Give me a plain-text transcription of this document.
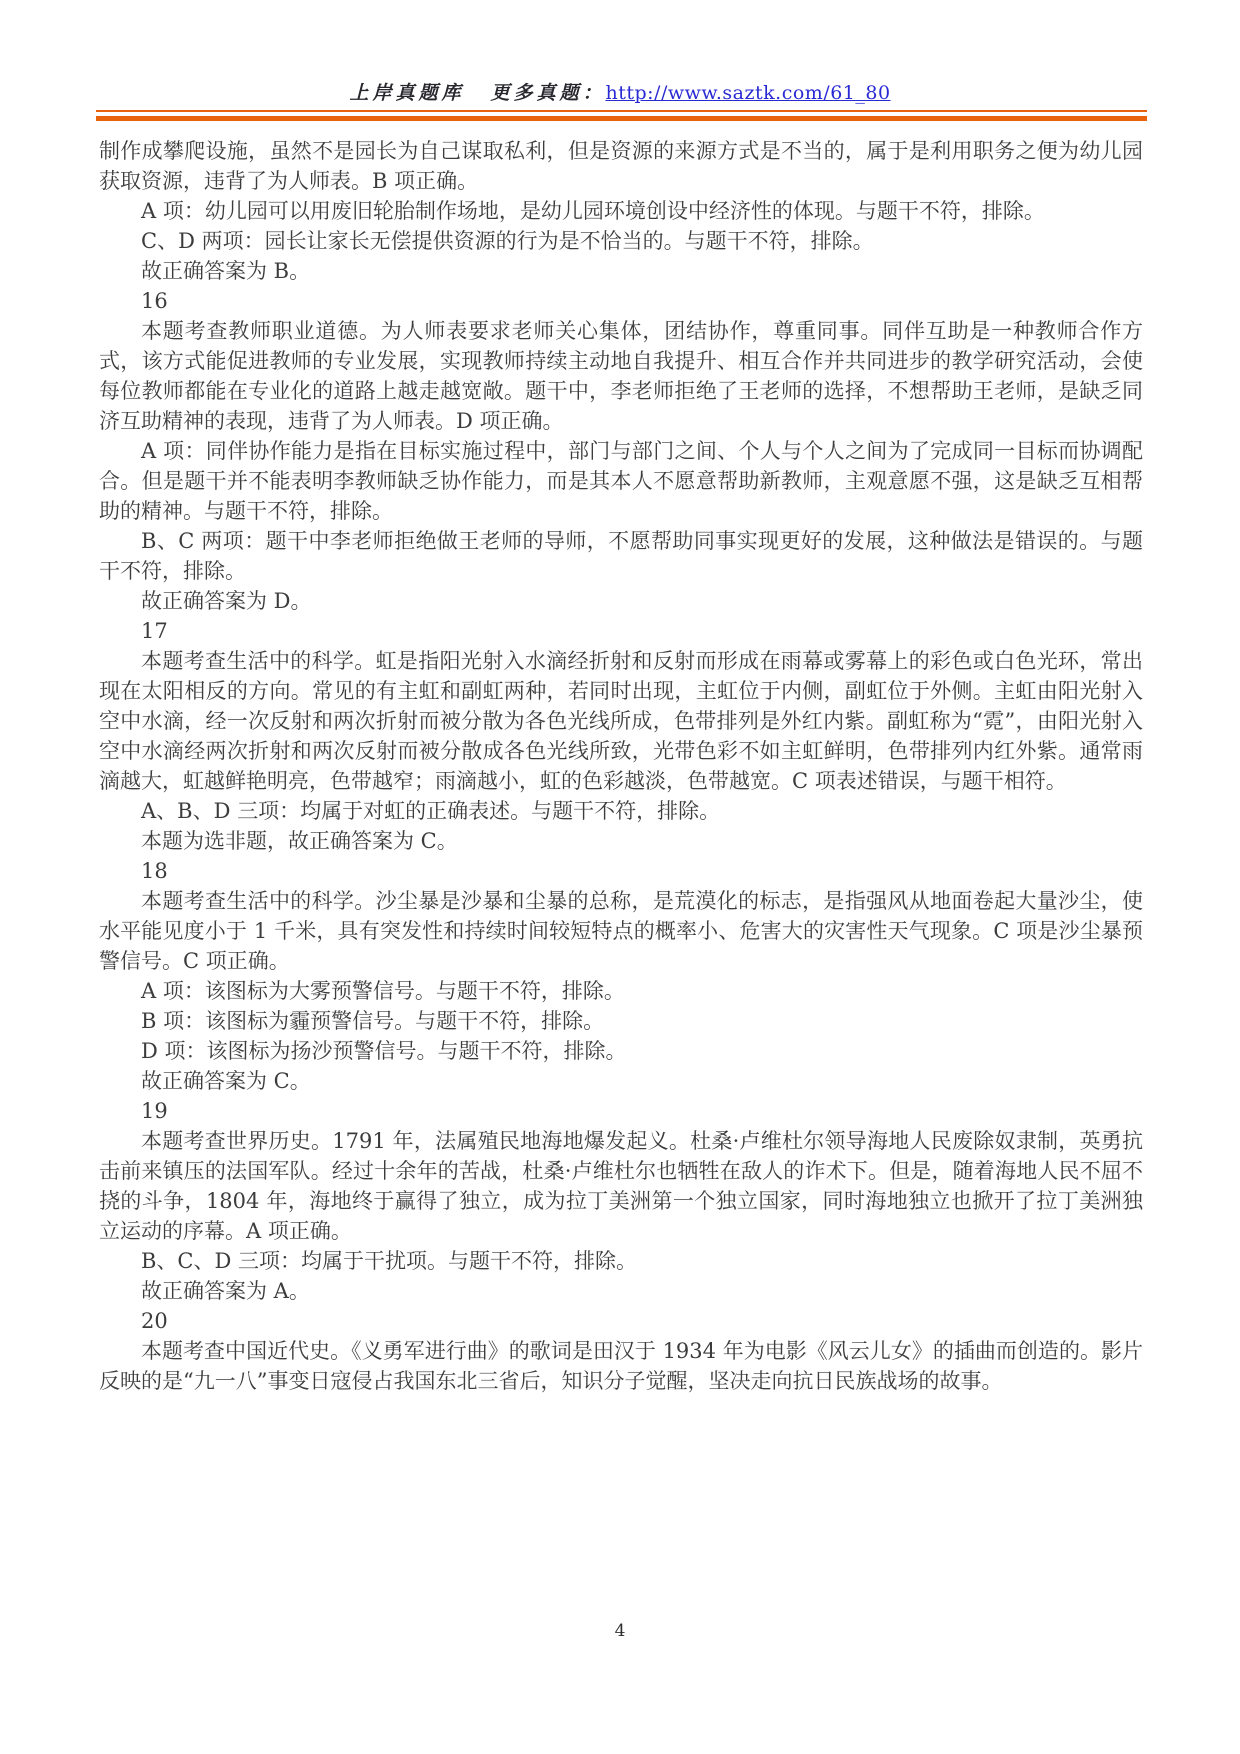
上岸真题库 更多真题：http://www.saztk.com/61_80

制作成攀爬设施，虽然不是园长为自己谋取私利，但是资源的来源方式是不当的，属于是利用职务之便为幼儿园获取资源，违背了为人师表。B 项正确。

A 项：幼儿园可以用废旧轮胎制作场地，是幼儿园环境创设中经济性的体现。与题干不符，排除。

C、D 两项：园长让家长无偿提供资源的行为是不恰当的。与题干不符，排除。

故正确答案为 B。

16

本题考查教师职业道德。为人师表要求老师关心集体，团结协作，尊重同事。同伴互助是一种教师合作方式，该方式能促进教师的专业发展，实现教师持续主动地自我提升、相互合作并共同进步的教学研究活动，会使每位教师都能在专业化的道路上越走越宽敞。题干中，李老师拒绝了王老师的选择，不想帮助王老师，是缺乏同济互助精神的表现，违背了为人师表。D 项正确。

A 项：同伴协作能力是指在目标实施过程中，部门与部门之间、个人与个人之间为了完成同一目标而协调配合。但是题干并不能表明李教师缺乏协作能力，而是其本人不愿意帮助新教师，主观意愿不强，这是缺乏互相帮助的精神。与题干不符，排除。

B、C 两项：题干中李老师拒绝做王老师的导师，不愿帮助同事实现更好的发展，这种做法是错误的。与题干不符，排除。

故正确答案为 D。

17

本题考查生活中的科学。虹是指阳光射入水滴经折射和反射而形成在雨幕或雾幕上的彩色或白色光环，常出现在太阳相反的方向。常见的有主虹和副虹两种，若同时出现，主虹位于内侧，副虹位于外侧。主虹由阳光射入空中水滴，经一次反射和两次折射而被分散为各色光线所成，色带排列是外红内紫。副虹称为“霓”，由阳光射入空中水滴经两次折射和两次反射而被分散成各色光线所致，光带色彩不如主虹鲜明，色带排列内红外紫。通常雨滴越大，虹越鲜艳明亮，色带越窄；雨滴越小，虹的色彩越淡，色带越宽。C 项表述错误，与题干相符。

A、B、D 三项：均属于对虹的正确表述。与题干不符，排除。

本题为选非题，故正确答案为 C。

18

本题考查生活中的科学。沙尘暴是沙暴和尘暴的总称，是荒漠化的标志，是指强风从地面卷起大量沙尘，使水平能见度小于 1 千米，具有突发性和持续时间较短特点的概率小、危害大的灾害性天气现象。C 项是沙尘暴预警信号。C 项正确。

A 项：该图标为大雾预警信号。与题干不符，排除。

B 项：该图标为霾预警信号。与题干不符，排除。

D 项：该图标为扬沙预警信号。与题干不符，排除。

故正确答案为 C。

19

本题考查世界历史。1791 年，法属殖民地海地爆发起义。杜桑·卢维杜尔领导海地人民废除奴隶制，英勇抗击前来镇压的法国军队。经过十余年的苦战，杜桑·卢维杜尔也牺牲在敌人的诈术下。但是，随着海地人民不屈不挠的斗争，1804 年，海地终于赢得了独立，成为拉丁美洲第一个独立国家，同时海地独立也掀开了拉丁美洲独立运动的序幕。A 项正确。

B、C、D 三项：均属于干扰项。与题干不符，排除。

故正确答案为 A。

20

本题考查中国近代史。《义勇军进行曲》的歌词是田汉于 1934 年为电影《风云儿女》的插曲而创造的。影片反映的是“九一八”事变日寇侵占我国东北三省后，知识分子觉醒，坚决走向抗日民族战场的故事。

4
